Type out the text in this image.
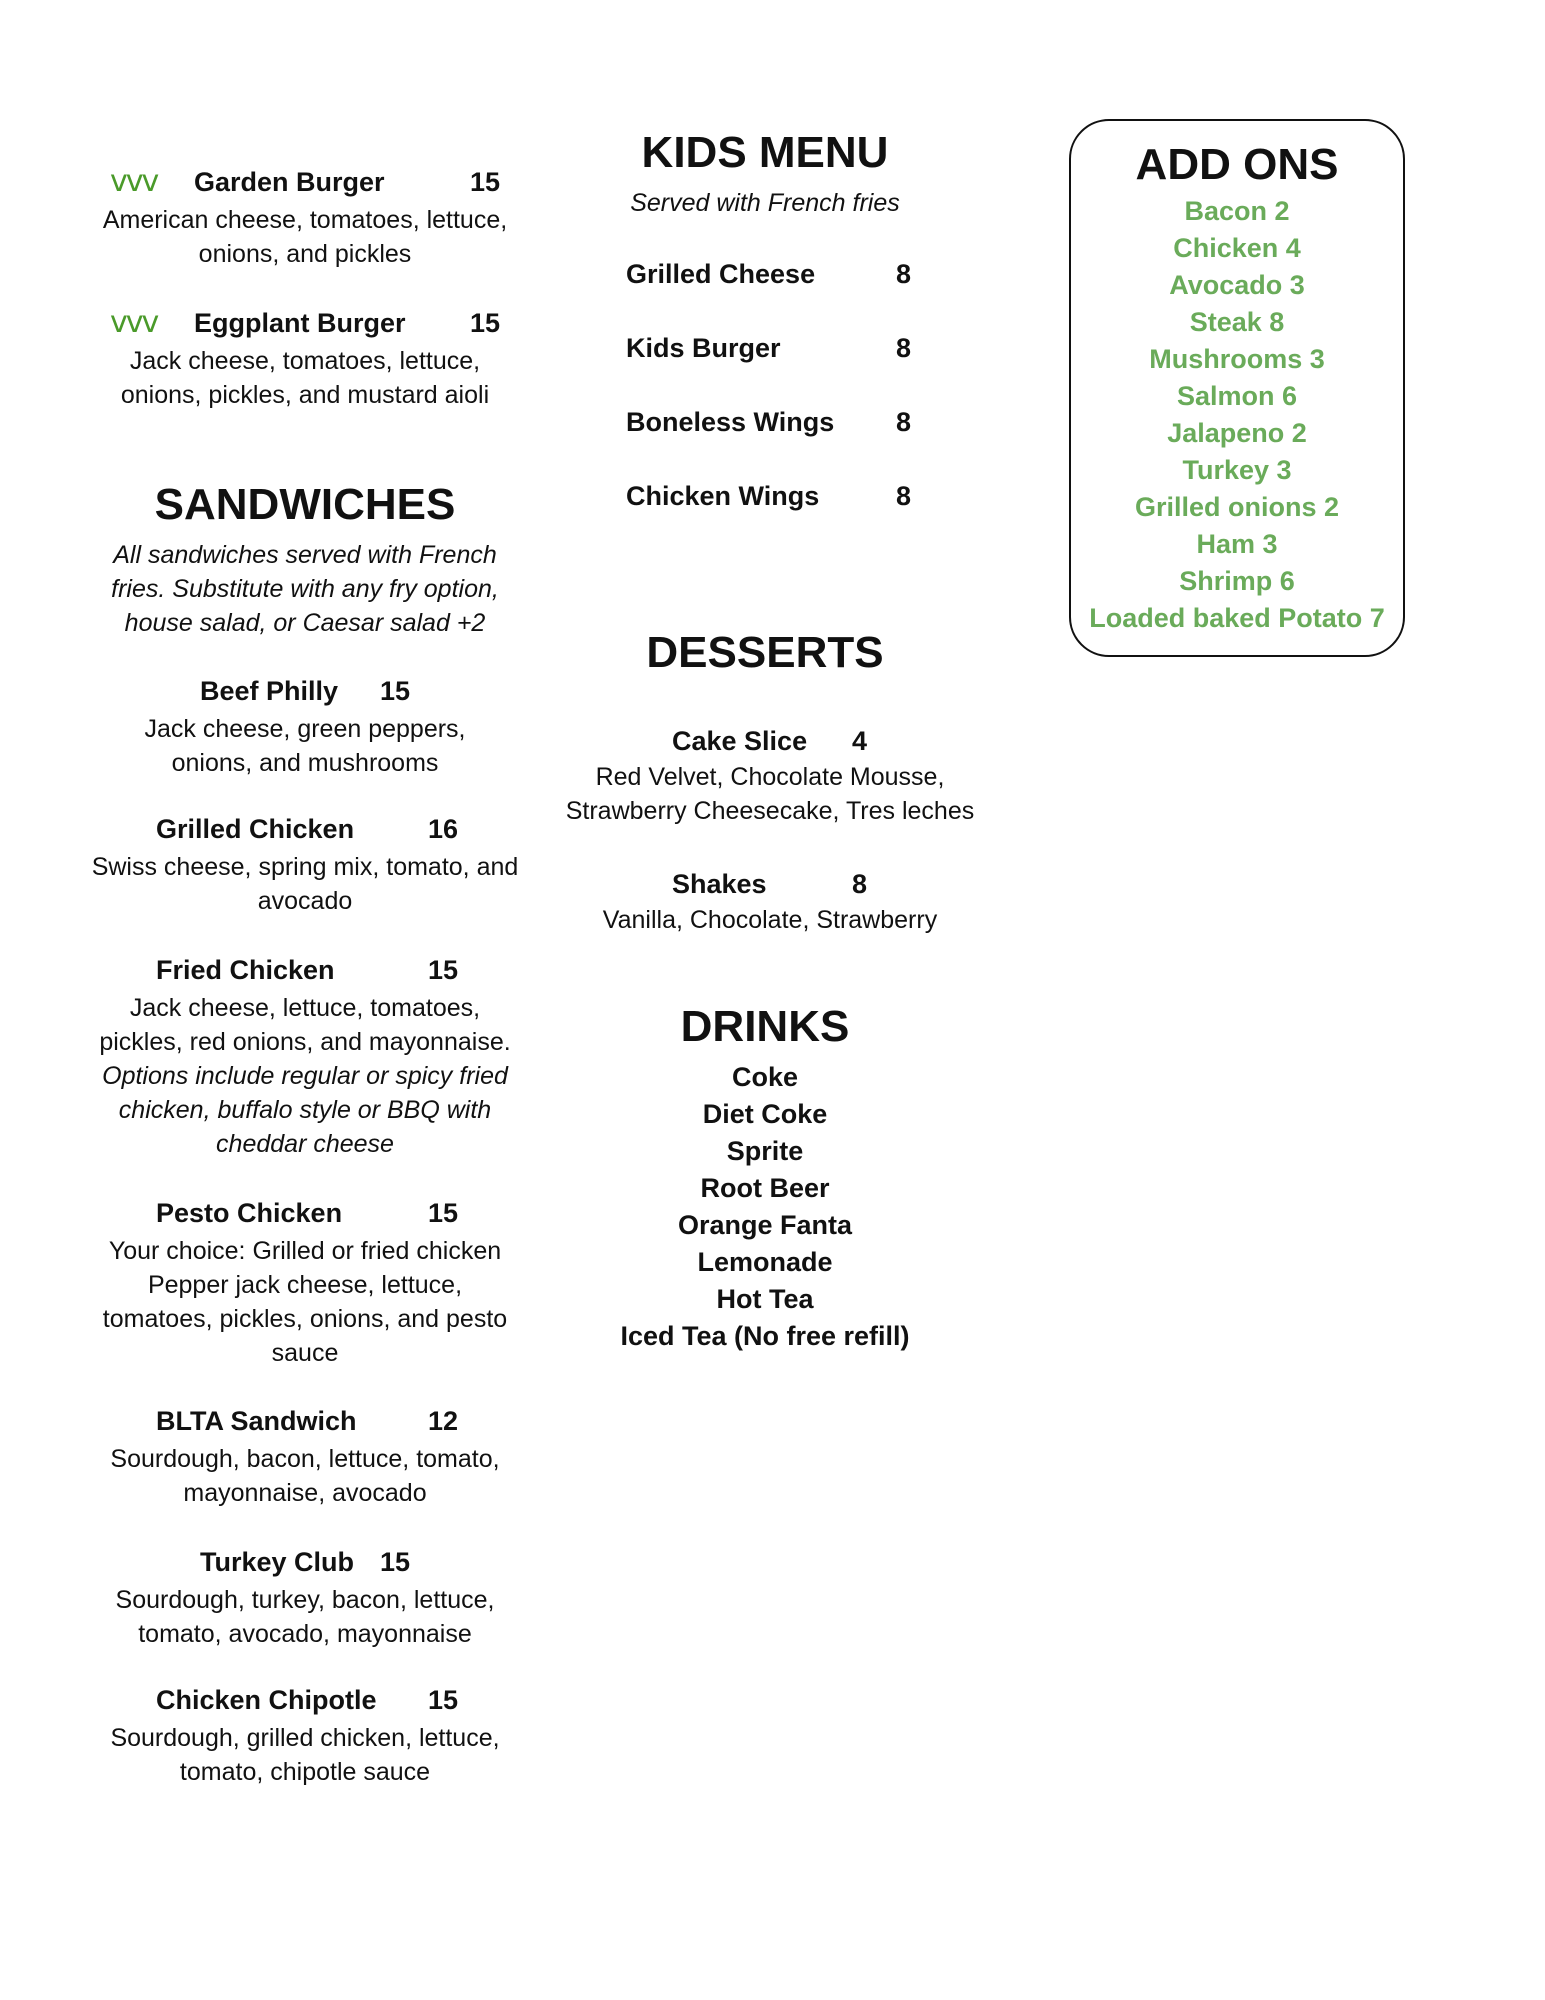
ⅴⅴⅴ Garden Burger	15
American cheese, tomatoes, lettuce,
onions, and pickles
ⅴⅴⅴ Eggplant Burger 15
Jack cheese, tomatoes, lettuce,
onions, pickles, and mustard aioli
SANDWICHES
All sandwiches served with French
fries. Substitute with any fry option,
house salad, or Caesar salad +2
Beef Philly 15
Jack cheese, green peppers,
onions, and mushrooms
Grilled Chicken	16
Swiss cheese, spring mix, tomato, and
avocado
Fried Chicken	15
Jack cheese, lettuce, tomatoes,
pickles, red onions, and mayonnaise.
Options include regular or spicy fried
chicken, buffalo style or BBQ with
cheddar cheese
Pesto Chicken	15
Your choice: Grilled or fried chicken
Pepper jack cheese, lettuce,
tomatoes, pickles, onions, and pesto
sauce
BLTA Sandwich	12
Sourdough, bacon, lettuce, tomato,
mayonnaise, avocado
Turkey Club 15
Sourdough, turkey, bacon, lettuce,
tomato, avocado, mayonnaise
Chicken Chipotle 15
Sourdough, grilled chicken, lettuce,
tomato, chipotle sauce
KIDS MENU
Served with French fries
Grilled Cheese	8
Kids Burger	8
Boneless Wings 8
Chicken Wings	8
DESSERTS
Cake Slice 4
Red Velvet, Chocolate Mousse,
Strawberry Cheesecake, Tres leches
Shakes	8
Vanilla, Chocolate, Strawberry
DRINKS
Coke
Diet Coke
Sprite
Root Beer
Orange Fanta
Lemonade
Hot Tea
Iced Tea (No free refill)
ADD ONS
Bacon 2
Chicken 4
Avocado 3
Steak 8
Mushrooms 3
Salmon 6
Jalapeno 2
Turkey 3
Grilled onions 2
Ham 3
Shrimp 6
Loaded baked Potato 7
